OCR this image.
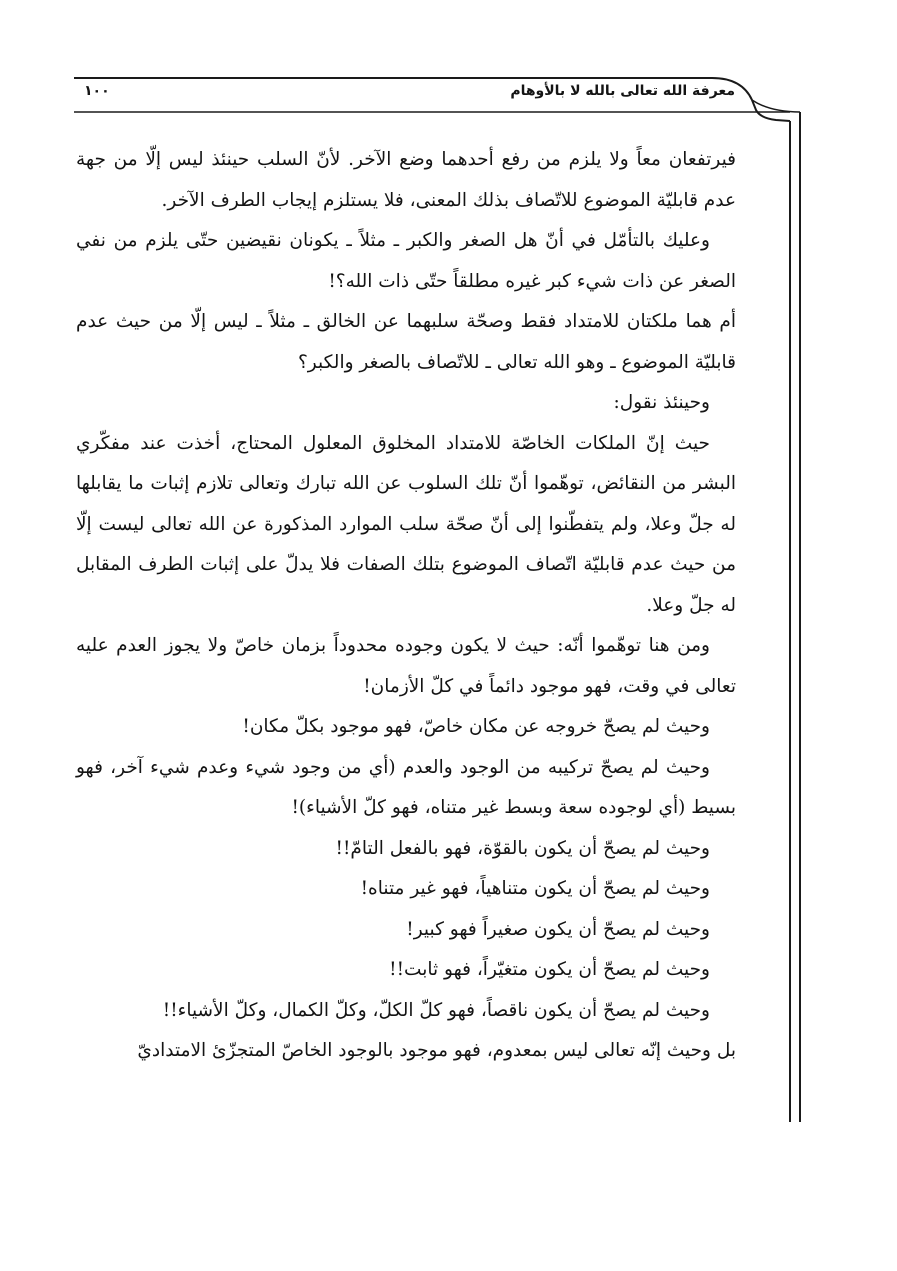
معرفة الله تعالى بالله لا بالأوهام
١٠٠

فيرتفعان معاً ولا يلزم من رفع أحدهما وضع الآخر. لأنّ السلب حينئذ ليس إلّا من جهة عدم قابليّة الموضوع للاتّصاف بذلك المعنى، فلا يستلزم إيجاب الطرف الآخر.

وعليك بالتأمّل في أنّ هل الصغر والكبر ـ مثلاً ـ يكونان نقيضين حتّى يلزم من نفي الصغر عن ذات شيء كبر غيره مطلقاً حتّى ذات الله؟!

أم هما ملكتان للامتداد فقط وصحّة سلبهما عن الخالق ـ مثلاً ـ ليس إلّا من حيث عدم قابليّة الموضوع ـ وهو الله تعالى ـ للاتّصاف بالصغر والكبر؟

وحينئذ نقول:

حيث إنّ الملكات الخاصّة للامتداد المخلوق المعلول المحتاج، أخذت عند مفكّري البشر من النقائض، توهّموا أنّ تلك السلوب عن الله تبارك وتعالى تلازم إثبات ما يقابلها له جلّ وعلا، ولم يتفطّنوا إلى أنّ صحّة سلب الموارد المذكورة عن الله تعالى ليست إلّا من حيث عدم قابليّة اتّصاف الموضوع بتلك الصفات فلا يدلّ على إثبات الطرف المقابل له جلّ وعلا.

ومن هنا توهّموا أنّه: حيث لا يكون وجوده محدوداً بزمان خاصّ ولا يجوز العدم عليه تعالى في وقت، فهو موجود دائماً في كلّ الأزمان!

وحيث لم يصحّ خروجه عن مكان خاصّ، فهو موجود بكلّ مكان!

وحيث لم يصحّ تركيبه من الوجود والعدم (أي من وجود شيء وعدم شيء آخر، فهو بسيط (أي لوجوده سعة وبسط غير متناه، فهو كلّ الأشياء)!

وحيث لم يصحّ أن يكون بالقوّة، فهو بالفعل التامّ!!

وحيث لم يصحّ أن يكون متناهياً، فهو غير متناه!

وحيث لم يصحّ أن يكون صغيراً فهو كبير!

وحيث لم يصحّ أن يكون متغيّراً، فهو ثابت!!

وحيث لم يصحّ أن يكون ناقصاً، فهو كلّ الكلّ، وكلّ الكمال، وكلّ الأشياء!!

بل وحيث إنّه تعالى ليس بمعدوم، فهو موجود بالوجود الخاصّ المتجزّئ الامتداديّ
